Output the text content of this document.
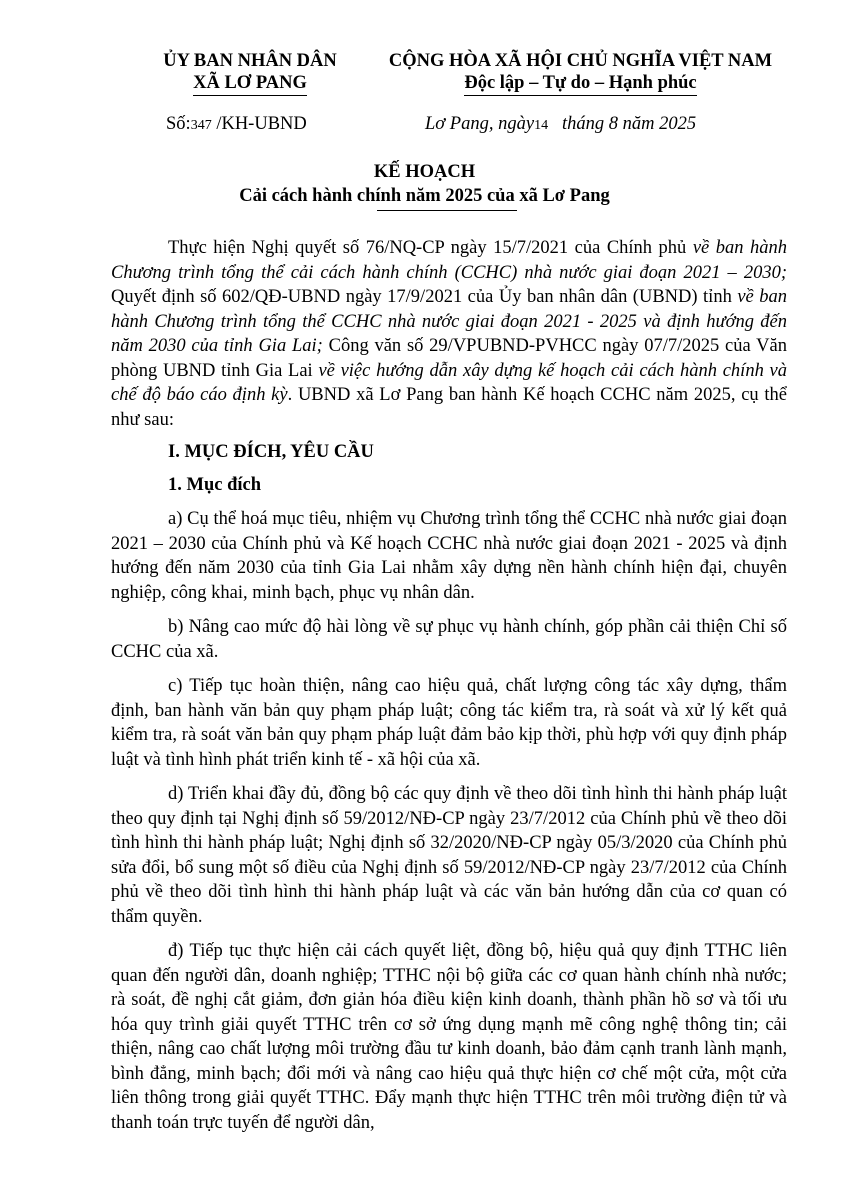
ỦY BAN NHÂN DÂN
XÃ LƠ PANG
CỘNG HÒA XÃ HỘI CHỦ NGHĨA VIỆT NAM
Độc lập – Tự do – Hạnh phúc
Số:347 /KH-UBND	Lơ Pang, ngày14   tháng 8 năm 2025
KẾ HOẠCH
Cải cách hành chính năm 2025 của xã Lơ Pang

Thực hiện Nghị quyết số 76/NQ-CP ngày 15/7/2021 của Chính phủ về ban hành Chương trình tổng thể cải cách hành chính (CCHC) nhà nước giai đoạn 2021 – 2030; Quyết định số 602/QĐ-UBND ngày 17/9/2021 của Ủy ban nhân dân (UBND) tỉnh về ban hành Chương trình tổng thể CCHC nhà nước giai đoạn 2021 - 2025 và định hướng đến năm 2030 của tỉnh Gia Lai; Công văn số 29/VPUBND-PVHCC ngày 07/7/2025 của Văn phòng UBND tỉnh Gia Lai về việc hướng dẫn xây dựng kế hoạch cải cách hành chính và chế độ báo cáo định kỳ. UBND xã Lơ Pang ban hành Kế hoạch CCHC năm 2025, cụ thể như sau:

I. MỤC ĐÍCH, YÊU CẦU
1. Mục đích

a) Cụ thể hoá mục tiêu, nhiệm vụ Chương trình tổng thể CCHC nhà nước giai đoạn 2021 – 2030 của Chính phủ và Kế hoạch CCHC nhà nước giai đoạn 2021 - 2025 và định hướng đến năm 2030 của tỉnh Gia Lai nhằm xây dựng nền hành chính hiện đại, chuyên nghiệp, công khai, minh bạch, phục vụ nhân dân.

b) Nâng cao mức độ hài lòng về sự phục vụ hành chính, góp phần cải thiện Chỉ số CCHC của xã.

c) Tiếp tục hoàn thiện, nâng cao hiệu quả, chất lượng công tác xây dựng, thẩm định, ban hành văn bản quy phạm pháp luật; công tác kiểm tra, rà soát và xử lý kết quả kiểm tra, rà soát văn bản quy phạm pháp luật đảm bảo kịp thời, phù hợp với quy định pháp luật và tình hình phát triển kinh tế - xã hội của xã.

d) Triển khai đầy đủ, đồng bộ các quy định về theo dõi tình hình thi hành pháp luật theo quy định tại Nghị định số 59/2012/NĐ-CP ngày 23/7/2012 của Chính phủ về theo dõi tình hình thi hành pháp luật; Nghị định số 32/2020/NĐ-CP ngày 05/3/2020 của Chính phủ sửa đổi, bổ sung một số điều của Nghị định số 59/2012/NĐ-CP ngày 23/7/2012 của Chính phủ về theo dõi tình hình thi hành pháp luật và các văn bản hướng dẫn của cơ quan có thẩm quyền.

đ) Tiếp tục thực hiện cải cách quyết liệt, đồng bộ, hiệu quả quy định TTHC liên quan đến người dân, doanh nghiệp; TTHC nội bộ giữa các cơ quan hành chính nhà nước; rà soát, đề nghị cắt giảm, đơn giản hóa điều kiện kinh doanh, thành phần hồ sơ và tối ưu hóa quy trình giải quyết TTHC trên cơ sở ứng dụng mạnh mẽ công nghệ thông tin; cải thiện, nâng cao chất lượng môi trường đầu tư kinh doanh, bảo đảm cạnh tranh lành mạnh, bình đẳng, minh bạch; đổi mới và nâng cao hiệu quả thực hiện cơ chế một cửa, một cửa liên thông trong giải quyết TTHC. Đẩy mạnh thực hiện TTHC trên môi trường điện tử và thanh toán trực tuyến để người dân,
